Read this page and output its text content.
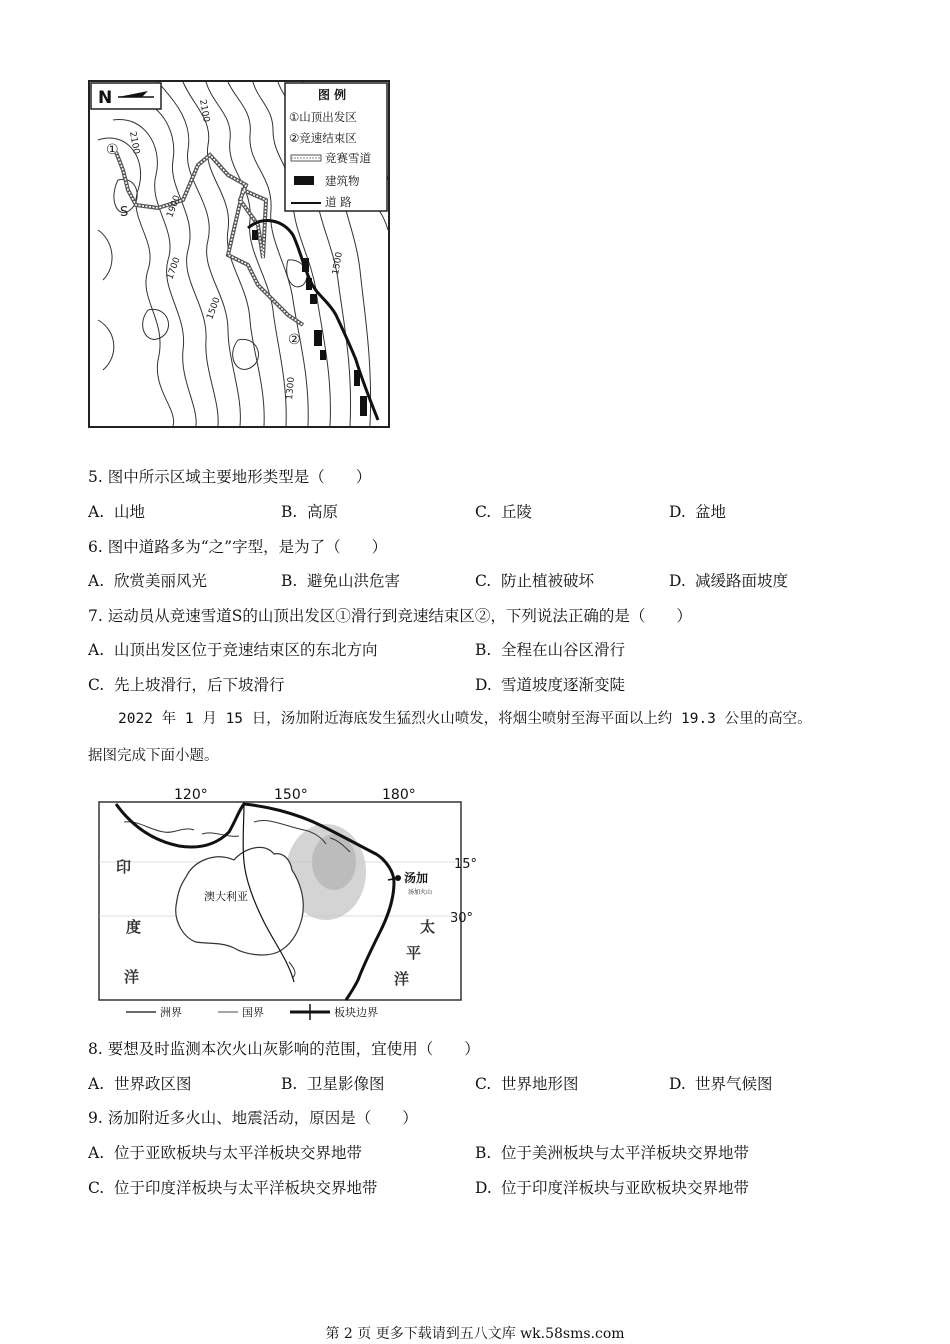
N
2100
2100
1900
1700
1500
1500
1300
S
①
②
图 例
①山顶出发区
②竞速结束区
竞赛雪道
建筑物
道 路
5. 图中所示区域主要地形类型是（　　）
A. 山地	B. 高原	C. 丘陵	D. 盆地
6. 图中道路多为“之”字型，是为了（　　）
A. 欣赏美丽风光	B. 避免山洪危害	C. 防止植被破坏	D. 减缓路面坡度
7. 运动员从竞速雪道S的山顶出发区①滑行到竞速结束区②，下列说法正确的是（　　）
A. 山顶出发区位于竞速结束区的东北方向	B. 全程在山谷区滑行
C. 先上坡滑行，后下坡滑行	D. 雪道坡度逐渐变陡
2022 年 1 月 15 日，汤加附近海底发生猛烈火山喷发，将烟尘喷射至海平面以上约 19.3 公里的高空。
据图完成下面小题。
120°	150°	180°
15°
30°
澳大利亚
汤加
汤加火山
印
度
洋
太
平
洋
洲界	国界	板块边界
8. 要想及时监测本次火山灰影响的范围，宜使用（　　）
A. 世界政区图	B. 卫星影像图	C. 世界地形图	D. 世界气候图
9. 汤加附近多火山、地震活动，原因是（　　）
A. 位于亚欧板块与太平洋板块交界地带	B. 位于美洲板块与太平洋板块交界地带
C. 位于印度洋板块与太平洋板块交界地带	D. 位于印度洋板块与亚欧板块交界地带
第 2 页 更多下载请到五八文库 wk.58sms.com
